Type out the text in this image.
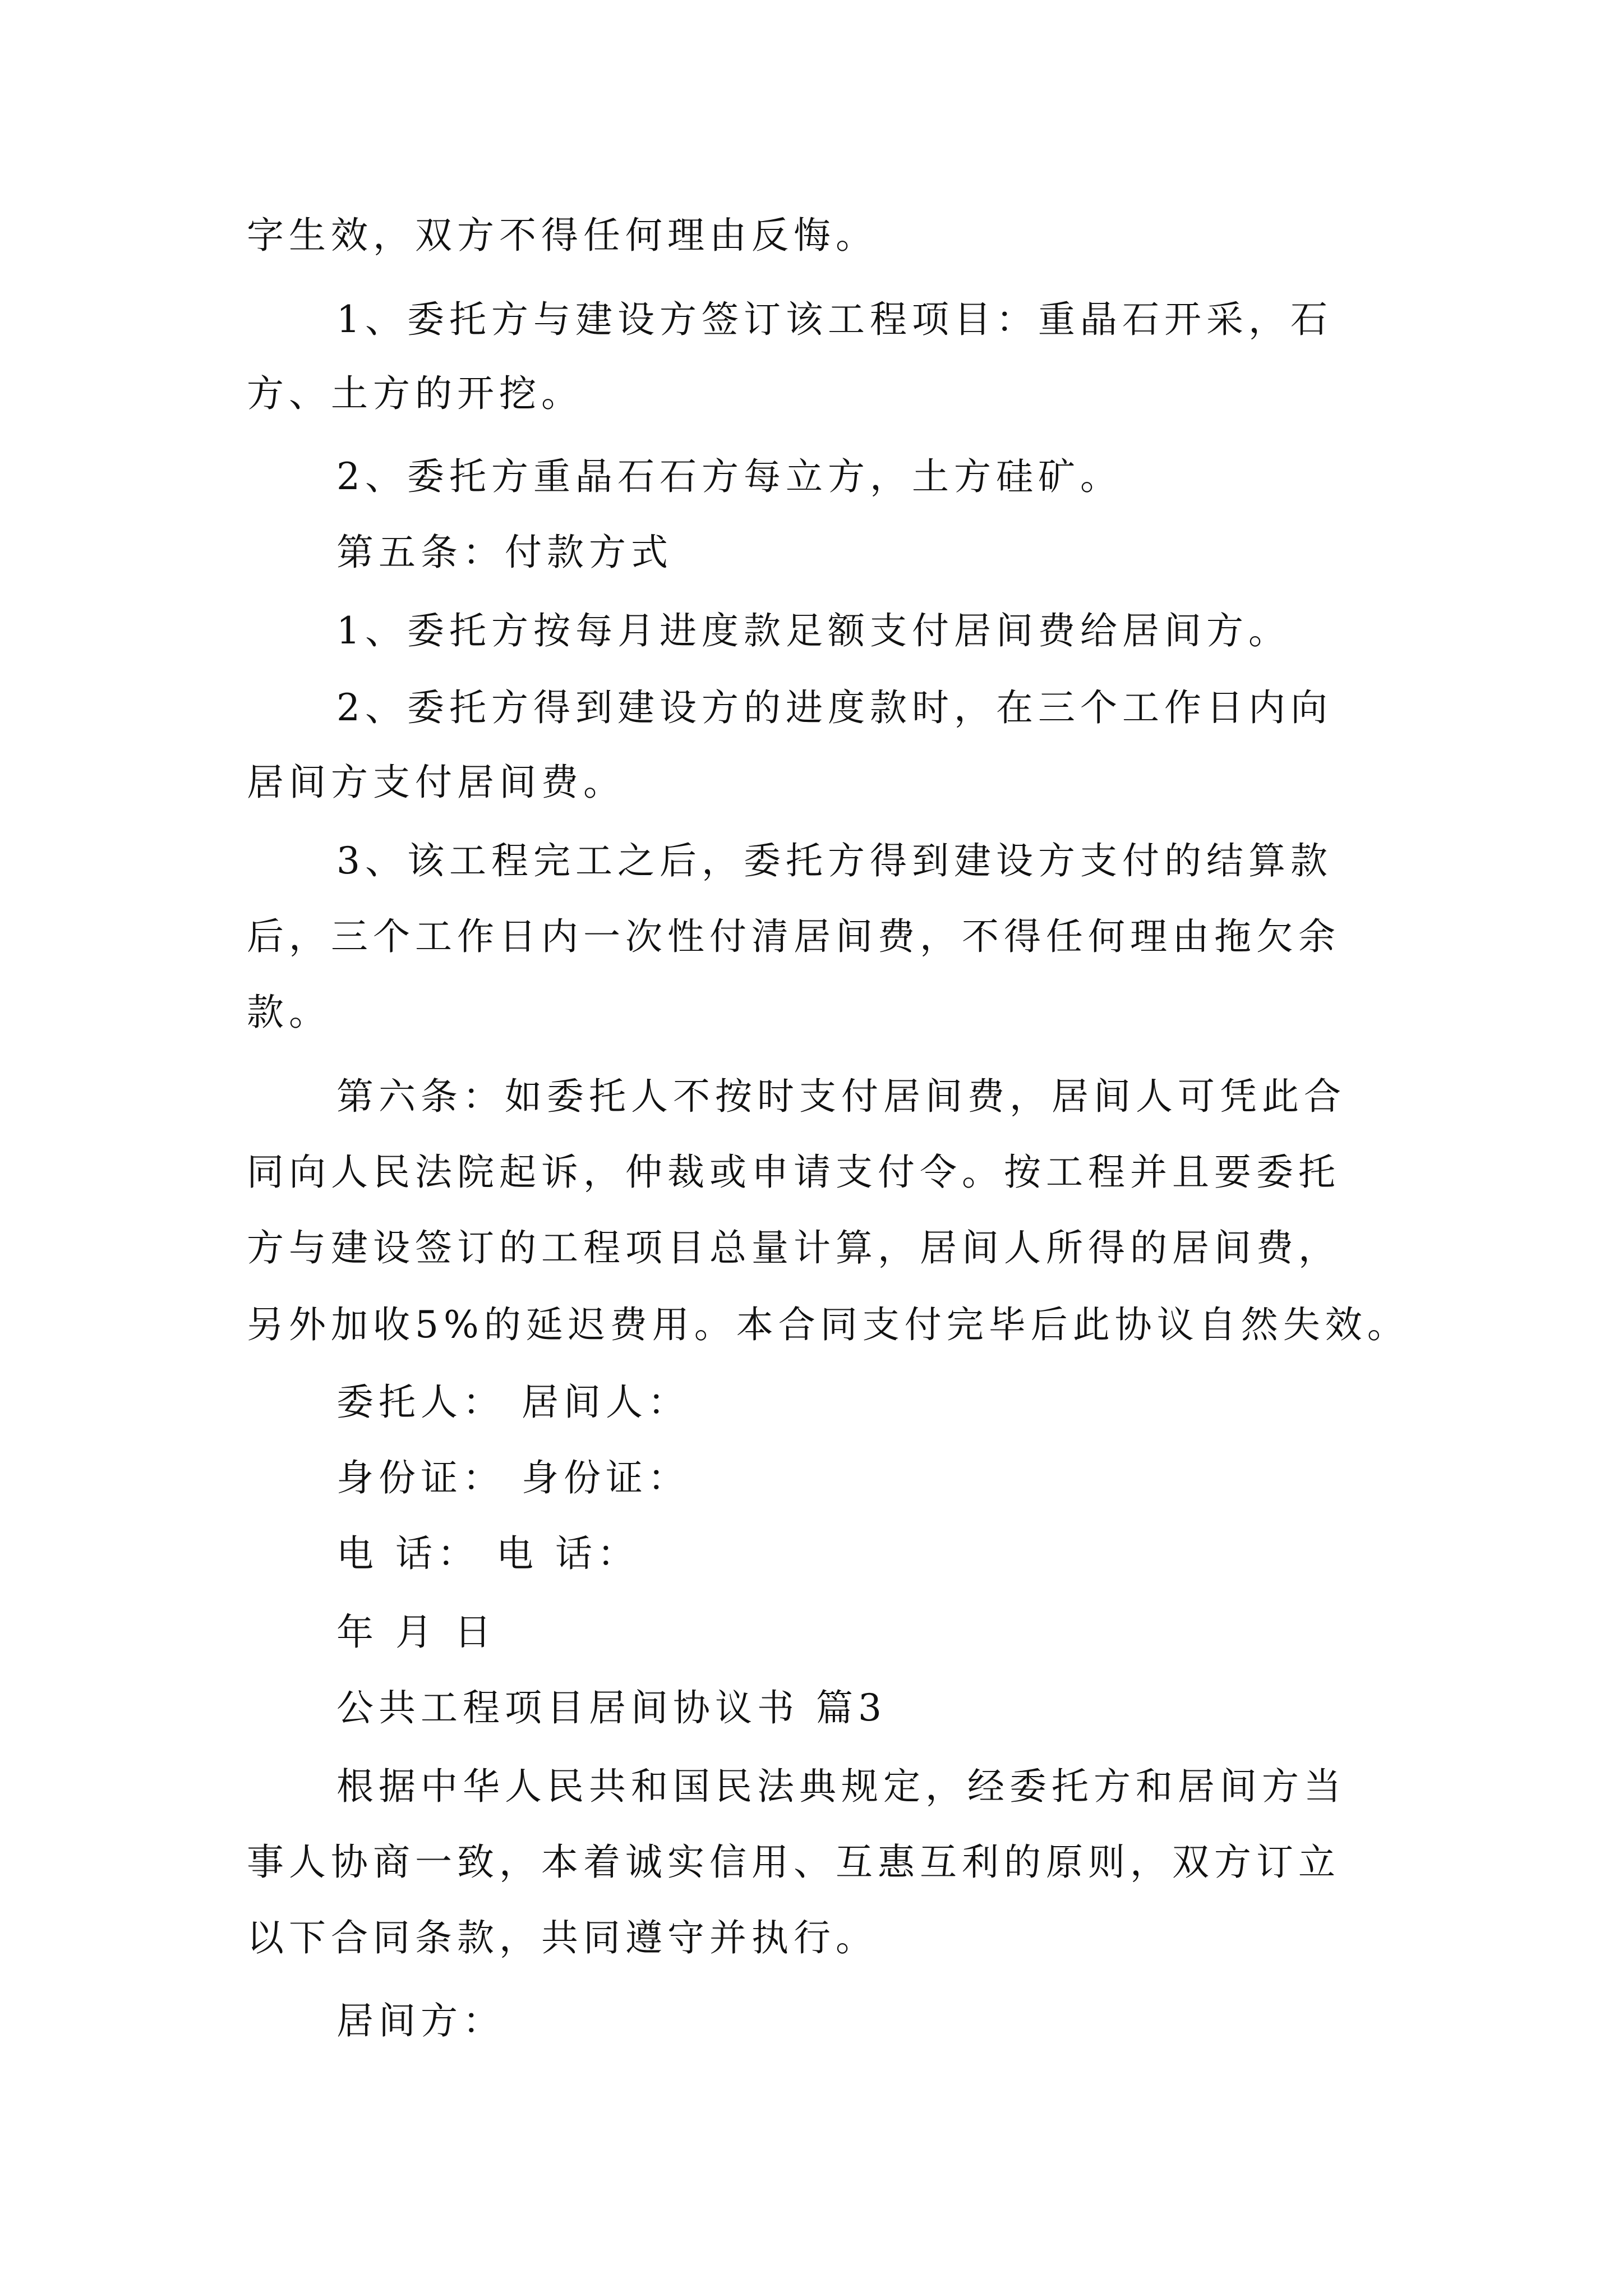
字生效，双方不得任何理由反悔。
1、委托方与建设方签订该工程项目：重晶石开采，石
方、土方的开挖。
2、委托方重晶石石方每立方，土方硅矿。
第五条：付款方式
1、委托方按每月进度款足额支付居间费给居间方。
2、委托方得到建设方的进度款时，在三个工作日内向
居间方支付居间费。
3、该工程完工之后，委托方得到建设方支付的结算款
后，三个工作日内一次性付清居间费，不得任何理由拖欠余
款。
第六条：如委托人不按时支付居间费，居间人可凭此合
同向人民法院起诉，仲裁或申请支付令。按工程并且要委托
方与建设签订的工程项目总量计算，居间人所得的居间费，
另外加收5%的延迟费用。本合同支付完毕后此协议自然失效。
委托人： 居间人：
身份证： 身份证：
电 话： 电 话：
年 月 日
公共工程项目居间协议书 篇3
根据中华人民共和国民法典规定，经委托方和居间方当
事人协商一致，本着诚实信用、互惠互利的原则，双方订立
以下合同条款，共同遵守并执行。
居间方：
